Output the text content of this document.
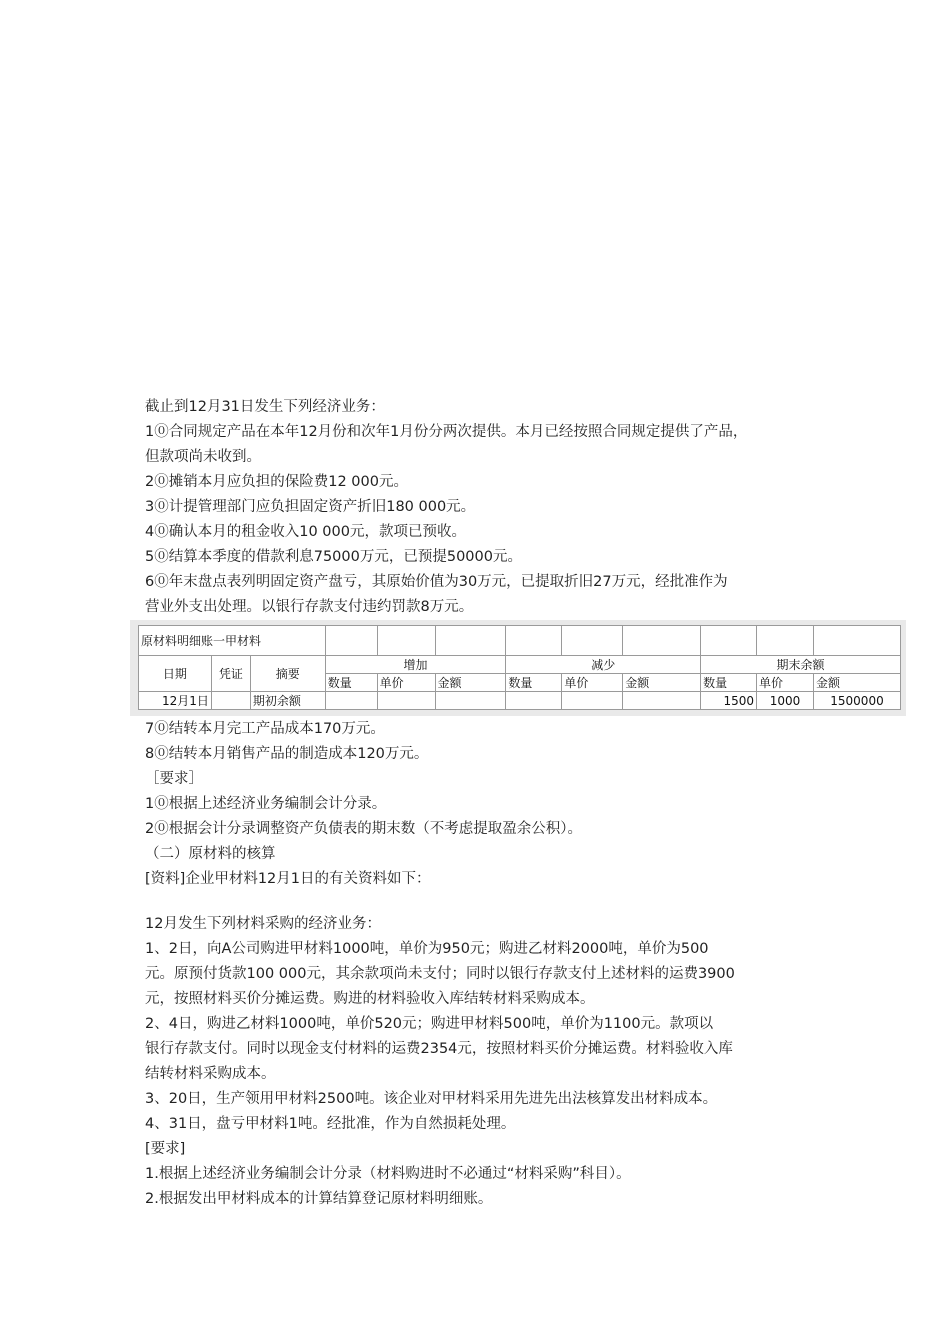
截止到12月31日发生下列经济业务：

1⓪合同规定产品在本年12月份和次年1月份分两次提供。本月已经按照合同规定提供了产品，

但款项尚未收到。

2⓪摊销本月应负担的保险费12 000元。

3⓪计提管理部门应负担固定资产折旧180 000元。

4⓪确认本月的租金收入10 000元，款项已预收。

5⓪结算本季度的借款利息75000万元，已预提50000元。

6⓪年末盘点表列明固定资产盘亏，其原始价值为30万元，已提取折旧27万元，经批准作为

营业外支出处理。以银行存款支付违约罚款8万元。

原材料明细账一甲材料											
日期	凭证	摘要	增加			减少			期末余额		
			数量	单价	金额	数量	单价	金额	数量	单价	金额
12月1日		期初余额							1500	1000	1500000

7⓪结转本月完工产品成本170万元。

8⓪结转本月销售产品的制造成本120万元。

［要求］

1⓪根据上述经济业务编制会计分录。

2⓪根据会计分录调整资产负债表的期末数（不考虑提取盈余公积）。

（二）原材料的核算

[资料]企业甲材料12月1日的有关资料如下：

12月发生下列材料采购的经济业务：

1、2日，向A公司购进甲材料1000吨，单价为950元；购进乙材料2000吨，单价为500

元。原预付货款100 000元，其余款项尚未支付；同时以银行存款支付上述材料的运费3900

元，按照材料买价分摊运费。购进的材料验收入库结转材料采购成本。

2、4日，购进乙材料1000吨，单价520元；购进甲材料500吨，单价为1100元。款项以

银行存款支付。同时以现金支付材料的运费2354元，按照材料买价分摊运费。材料验收入库

结转材料采购成本。

3、20日，生产领用甲材料2500吨。该企业对甲材料采用先进先出法核算发出材料成本。

4、31日，盘亏甲材料1吨。经批准，作为自然损耗处理。

[要求]

1.根据上述经济业务编制会计分录（材料购进时不必通过“材料采购”科目）。

2.根据发出甲材料成本的计算结算登记原材料明细账。
